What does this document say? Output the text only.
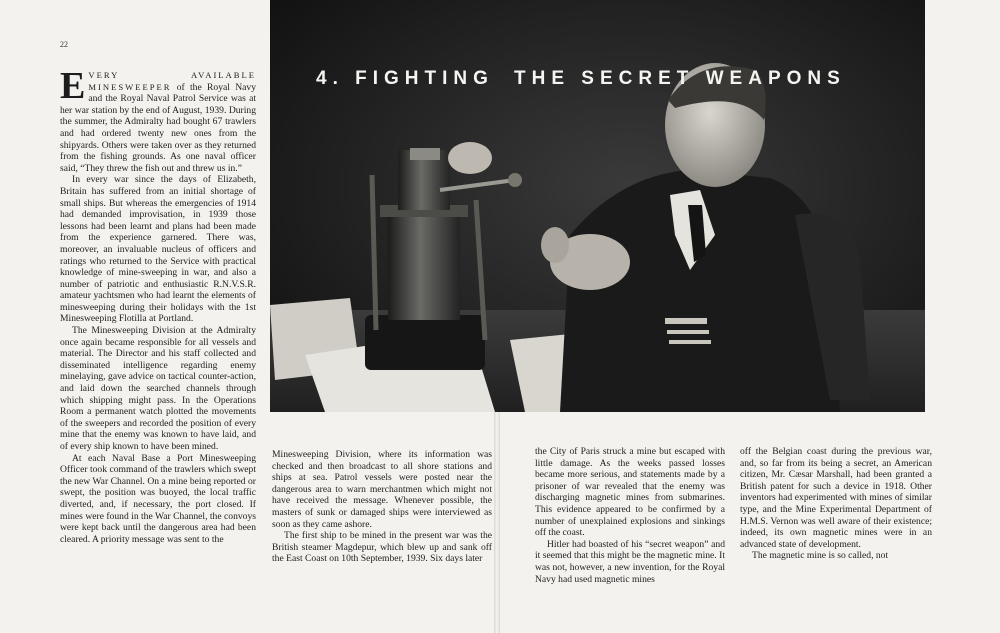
22

E VERY AVAILABLE MINESWEEPER of the Royal Navy and the Royal Naval Patrol Service was at her war station by the end of August, 1939. During the summer, the Admiralty had bought 67 trawlers and had ordered twenty new ones from the shipyards. Others were taken over as they returned from the fishing grounds. As one naval officer said, “They threw the fish out and threw us in.”

In every war since the days of Elizabeth, Britain has suffered from an initial shortage of small ships. But whereas the emergencies of 1914 had demanded improvisation, in 1939 those lessons had been learnt and plans had been made from the experience garnered. There was, moreover, an invaluable nucleus of officers and ratings who returned to the Service with practical knowledge of mine-sweeping in war, and also a number of patriotic and enthusiastic R.N.V.S.R. amateur yachtsmen who had learnt the elements of minesweeping during their holidays with the 1st Minesweeping Flotilla at Portland.

The Minesweeping Division at the Admiralty once again became responsible for all vessels and material. The Director and his staff collected and disseminated intelligence regarding enemy minelaying, gave advice on tactical counter-action, and laid down the searched channels through which shipping might pass. In the Operations Room a permanent watch plotted the movements of the sweepers and recorded the position of every mine that the enemy was known to have laid, and of every ship known to have been mined.

At each Naval Base a Port Minesweeping Officer took command of the trawlers which swept the new War Channel. On a mine being reported or swept, the position was buoyed, the local traffic diverted, and, if necessary, the port closed. If mines were found in the War Channel, the convoys were kept back until the dangerous area had been cleared. A priority message was sent to the

4. FIGHTING THE SECRET WEAPONS

Minesweeping Division, where its information was checked and then broadcast to all shore stations and ships at sea. Patrol vessels were posted near the dangerous area to warn merchantmen which might not have received the message. Whenever possible, the masters of sunk or damaged ships were interviewed as soon as they came ashore.

The first ship to be mined in the present war was the British steamer Magdepur, which blew up and sank off the East Coast on 10th September, 1939. Six days later

the City of Paris struck a mine but escaped with little damage. As the weeks passed losses became more serious, and statements made by a prisoner of war revealed that the enemy was discharging magnetic mines from submarines. This evidence appeared to be confirmed by a number of unexplained explosions and sinkings off the coast.

Hitler had boasted of his “secret weapon” and it seemed that this might be the magnetic mine. It was not, however, a new invention, for the Royal Navy had used magnetic mines

off the Belgian coast during the previous war, and, so far from its being a secret, an American citizen, Mr. Cæsar Marshall, had been granted a British patent for such a device in 1918. Other inventors had experimented with mines of similar type, and the Mine Experimental Department of H.M.S. Vernon was well aware of their existence; indeed, its own magnetic mines were in an advanced state of development.

The magnetic mine is so called, not
